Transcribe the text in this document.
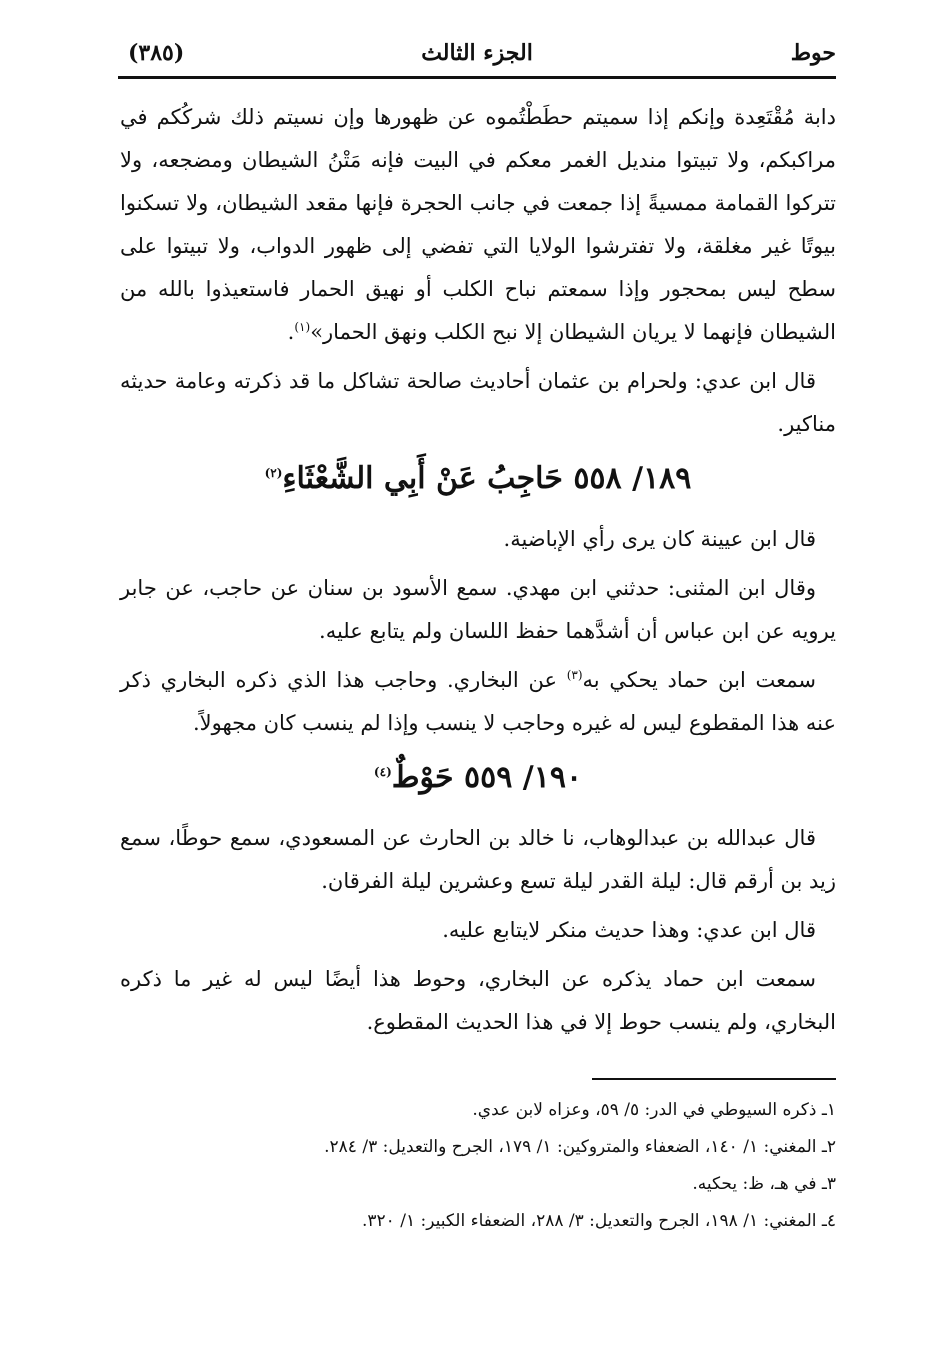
(٣٨٥)	الجزء الثالث	حوط

دابة مُقْتَعِدة وإنكم إذا سميتم حطَطْتُموه عن ظهورها وإن نسيتم ذلك شركُكم في مراكبكم، ولا تبيتوا منديل الغمر معكم في البيت فإنه مَتْنُ الشيطان ومضجعه، ولا تتركوا القمامة ممسيةً إذا جمعت في جانب الحجرة فإنها مقعد الشيطان، ولا تسكنوا بيوتًا غير مغلقة، ولا تفترشوا الولايا التي تفضي إلى ظهور الدواب، ولا تبيتوا على سطح ليس بمحجور وإذا سمعتم نباح الكلب أو نهيق الحمار فاستعيذوا بالله من الشيطان فإنهما لا يريان الشيطان إلا نبح الكلب ونهق الحمار»$^{(١)}$.

قال ابن عدي: ولحرام بن عثمان أحاديث صالحة تشاكل ما قد ذكرته وعامة حديثه مناكير.

١٨٩/ ٥٥٨ حَاجِبُ عَنْ أَبِي الشَّعْثَاءِ$^{(٢)}$

قال ابن عيينة كان يرى رأي الإباضية.

وقال ابن المثنى: حدثني ابن مهدي. سمع الأسود بن سنان عن حاجب، عن جابر يرويه عن ابن عباس أن أشدَّهما حفظ اللسان ولم يتابع عليه.

سمعت ابن حماد يحكي به$^{(٣)}$ عن البخاري. وحاجب هذا الذي ذكره البخاري ذكر عنه هذا المقطوع ليس له غيره وحاجب لا ينسب وإذا لم ينسب كان مجهولاً.

١٩٠/ ٥٥٩ حَوْطٌ$^{(٤)}$

قال عبدالله بن عبدالوهاب، نا خالد بن الحارث عن المسعودي، سمع حوطًا، سمع زيد بن أرقم قال: ليلة القدر ليلة تسع وعشرين ليلة الفرقان.

قال ابن عدي: وهذا حديث منكر لايتابع عليه.

سمعت ابن حماد يذكره عن البخاري، وحوط هذا أيضًا ليس له غير ما ذكره البخاري، ولم ينسب حوط إلا في هذا الحديث المقطوع.

١ـ ذكره السيوطي في الدر: ٥/ ٥٩، وعزاه لابن عدي.
٢ـ المغني: ١/ ١٤٠، الضعفاء والمتروكين: ١/ ١٧٩، الجرح والتعديل: ٣/ ٢٨٤.
٣ـ في هـ، ظ: يحكيه.
٤ـ المغني: ١/ ١٩٨، الجرح والتعديل: ٣/ ٢٨٨، الضعفاء الكبير: ١/ ٣٢٠.
